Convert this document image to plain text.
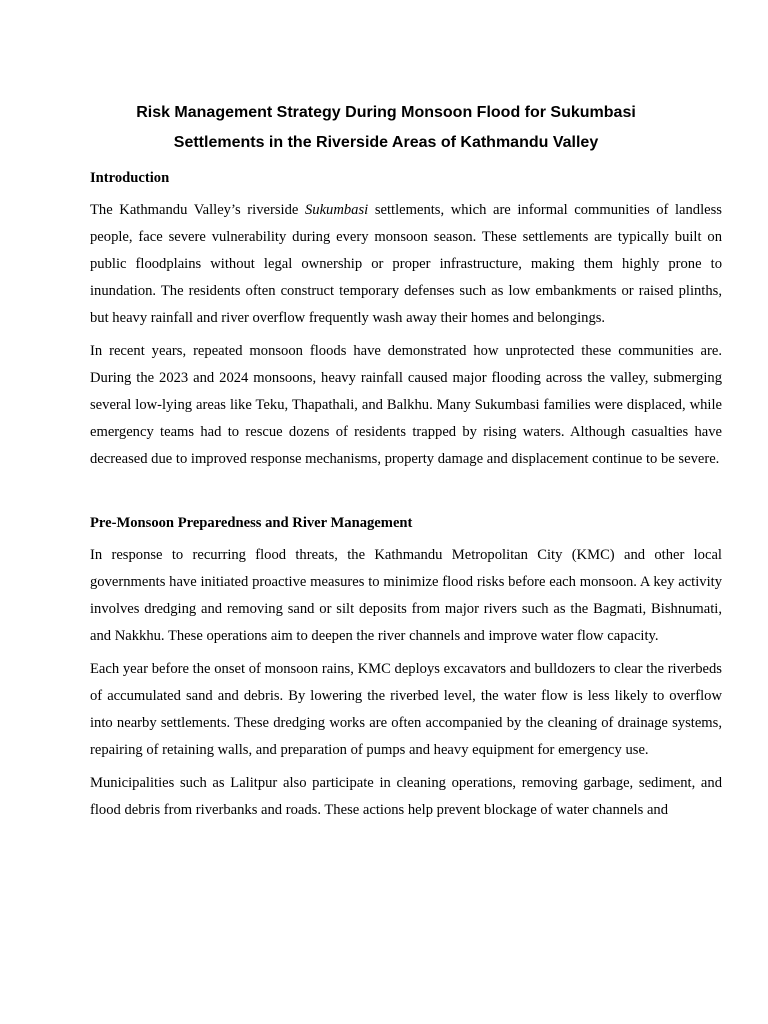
Risk Management Strategy During Monsoon Flood for Sukumbasi
Settlements in the Riverside Areas of Kathmandu Valley
Introduction

The Kathmandu Valley’s riverside Sukumbasi settlements, which are informal communities of landless people, face severe vulnerability during every monsoon season. These settlements are typically built on public floodplains without legal ownership or proper infrastructure, making them highly prone to inundation. The residents often construct temporary defenses such as low embankments or raised plinths, but heavy rainfall and river overflow frequently wash away their homes and belongings.

In recent years, repeated monsoon floods have demonstrated how unprotected these communities are. During the 2023 and 2024 monsoons, heavy rainfall caused major flooding across the valley, submerging several low-lying areas like Teku, Thapathali, and Balkhu. Many Sukumbasi families were displaced, while emergency teams had to rescue dozens of residents trapped by rising waters. Although casualties have decreased due to improved response mechanisms, property damage and displacement continue to be severe.

Pre-Monsoon Preparedness and River Management

In response to recurring flood threats, the Kathmandu Metropolitan City (KMC) and other local governments have initiated proactive measures to minimize flood risks before each monsoon. A key activity involves dredging and removing sand or silt deposits from major rivers such as the Bagmati, Bishnumati, and Nakkhu. These operations aim to deepen the river channels and improve water flow capacity.

Each year before the onset of monsoon rains, KMC deploys excavators and bulldozers to clear the riverbeds of accumulated sand and debris. By lowering the riverbed level, the water flow is less likely to overflow into nearby settlements. These dredging works are often accompanied by the cleaning of drainage systems, repairing of retaining walls, and preparation of pumps and heavy equipment for emergency use.

Municipalities such as Lalitpur also participate in cleaning operations, removing garbage, sediment, and flood debris from riverbanks and roads. These actions help prevent blockage of water channels and
